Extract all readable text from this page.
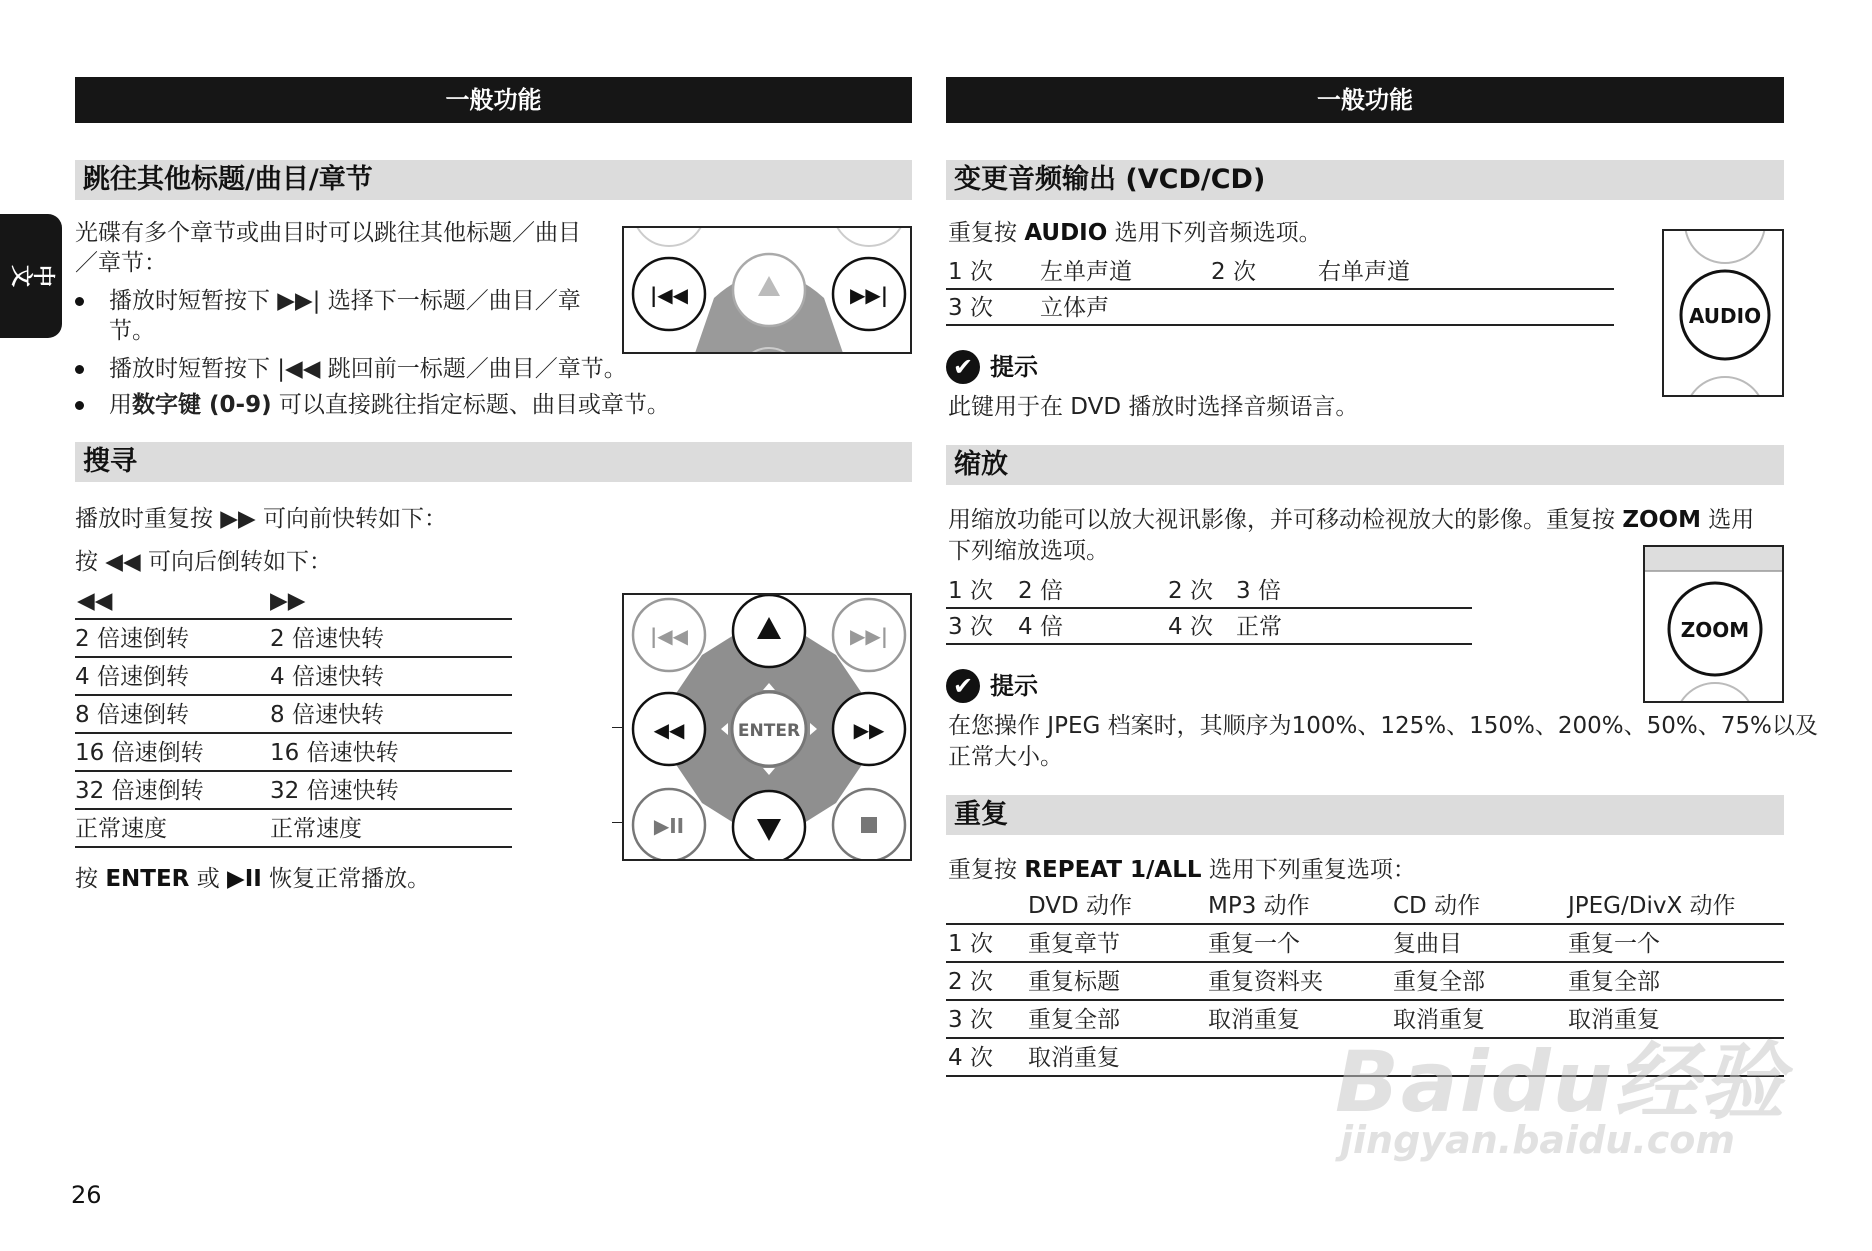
中文
一般功能
跳往其他标题/曲目/章节
光碟有多个章节或曲目时可以跳往其他标题／曲目
／章节：
播放时短暂按下 ▶▶| 选择下一标题／曲目／章
节。
播放时短暂按下 |◀◀ 跳回前一标题／曲目／章节。
用数字键 (0-9) 可以直接跳往指定标题、曲目或章节。
|◀◀	▶▶|
搜寻
播放时重复按 ▶▶ 可向前快转如下：
按 ◀◀ 可向后倒转如下：
◀◀	▶▶
2 倍速倒转	2 倍速快转
4 倍速倒转	4 倍速快转
8 倍速倒转	8 倍速快转
16 倍速倒转	16 倍速快转
32 倍速倒转	32 倍速快转
正常速度	正常速度
按 ENTER 或 ▶II 恢复正常播放。
|◀◀	▶▶|
◀◀	ENTER	▶▶
▶II
一般功能
变更音频输出 (VCD/CD)
重复按 AUDIO 选用下列音频选项。
1 次 左单声道	2 次	右单声道
3 次 立体声
✔ 提示
此键用于在 DVD 播放时选择音频语言。
AUDIO
缩放
用缩放功能可以放大视讯影像，并可移动检视放大的影像。重复按 ZOOM 选用
下列缩放选项。
1 次 2 倍	2 次 3 倍
3 次 4 倍	4 次 正常
✔ 提示
在您操作 JPEG 档案时，其顺序为100%、125%、150%、200%、50%、75%以及
正常大小。
ZOOM
重复
重复按 REPEAT 1/ALL 选用下列重复选项：
DVD 动作	MP3 动作	CD 动作	JPEG/DivX 动作
1 次 重复章节	重复一个	复曲目	重复一个
2 次 重复标题	重复资料夹	重复全部	重复全部
3 次 重复全部	取消重复	取消重复	取消重复
4 次 取消重复
26
Baidu经验
jingyan.baidu.com
